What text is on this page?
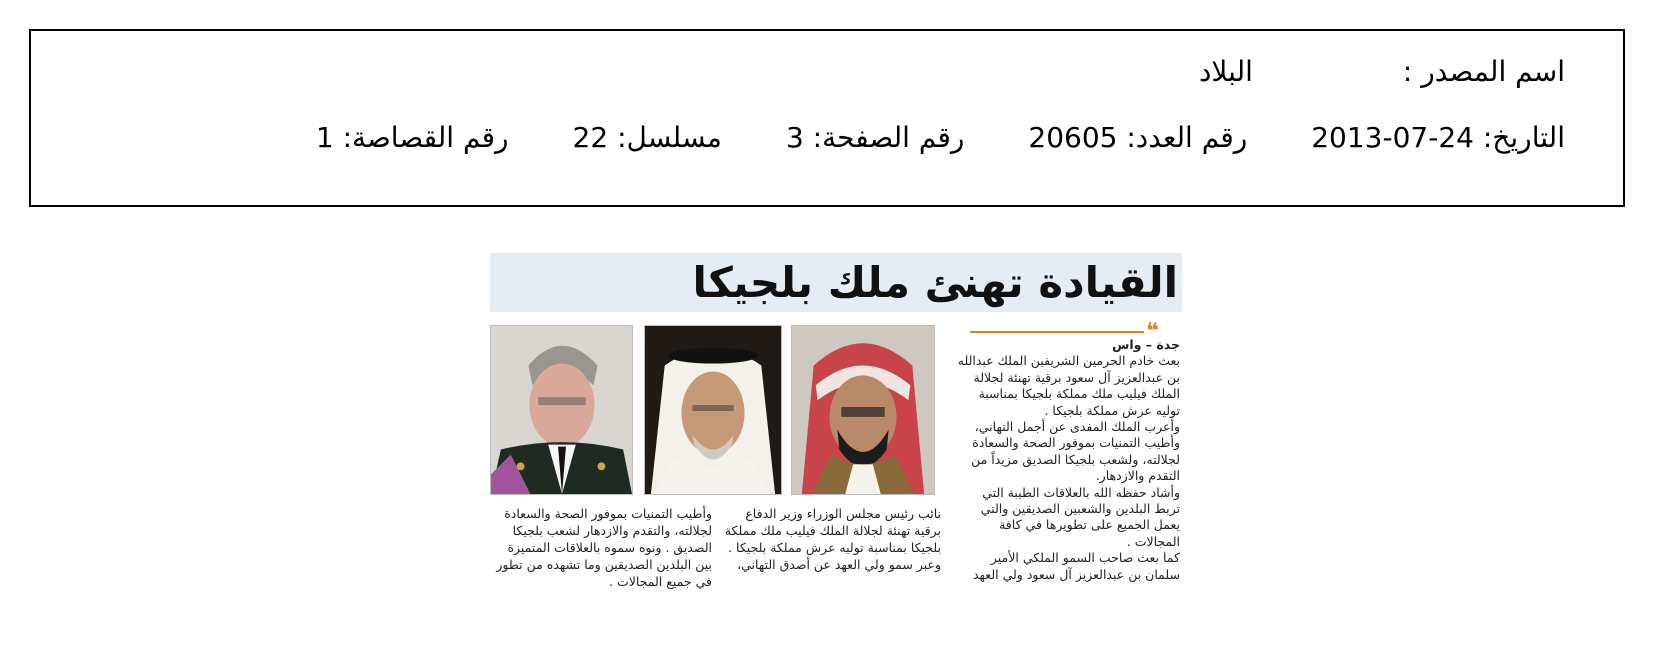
اسم المصدر :البلاد
التاريخ: 2013-07-24رقم العدد: 20605رقم الصفحة: 3مسلسل: 22رقم القصاصة: 1
القيادة تهنئ ملك بلجيكا
❝
جدة – واس

بعث خادم الحرمين الشريفين الملك عبدالله بن عبدالعزيز آل سعود برقية تهنئة لجلالة الملك فيليب ملك مملكة بلجيكا بمناسبة توليه عرش مملكة بلجيكا .

وأعرب الملك المفدى عن أجمل التهاني، وأطيب التمنيات بموفور الصحة والسعادة لجلالته، ولشعب بلجيكا الصديق مزيداً من التقدم والازدهار.

وأشاد حفظه الله بالعلاقات الطيبة التي تربط البلدين والشعبين الصديقين والتي يعمل الجميع على تطويرها في كافة المجالات .

كما بعث صاحب السمو الملكي الأمير سلمان بن عبدالعزيز آل سعود ولي العهد

نائب رئيس مجلس الوزراء وزير الدفاع برقية تهنئة لجلالة الملك فيليب ملك مملكة بلجيكا بمناسبة توليه عرش مملكة بلجيكا .

وعبر سمو ولي العهد عن أصدق التهاني،

وأطيب التمنيات بموفور الصحة والسعادة لجلالته، والتقدم والازدهار لشعب بلجيكا الصديق . ونوه سموه بالعلاقات المتميزة بين البلدين الصديقين وما تشهده من تطور في جميع المجالات .
